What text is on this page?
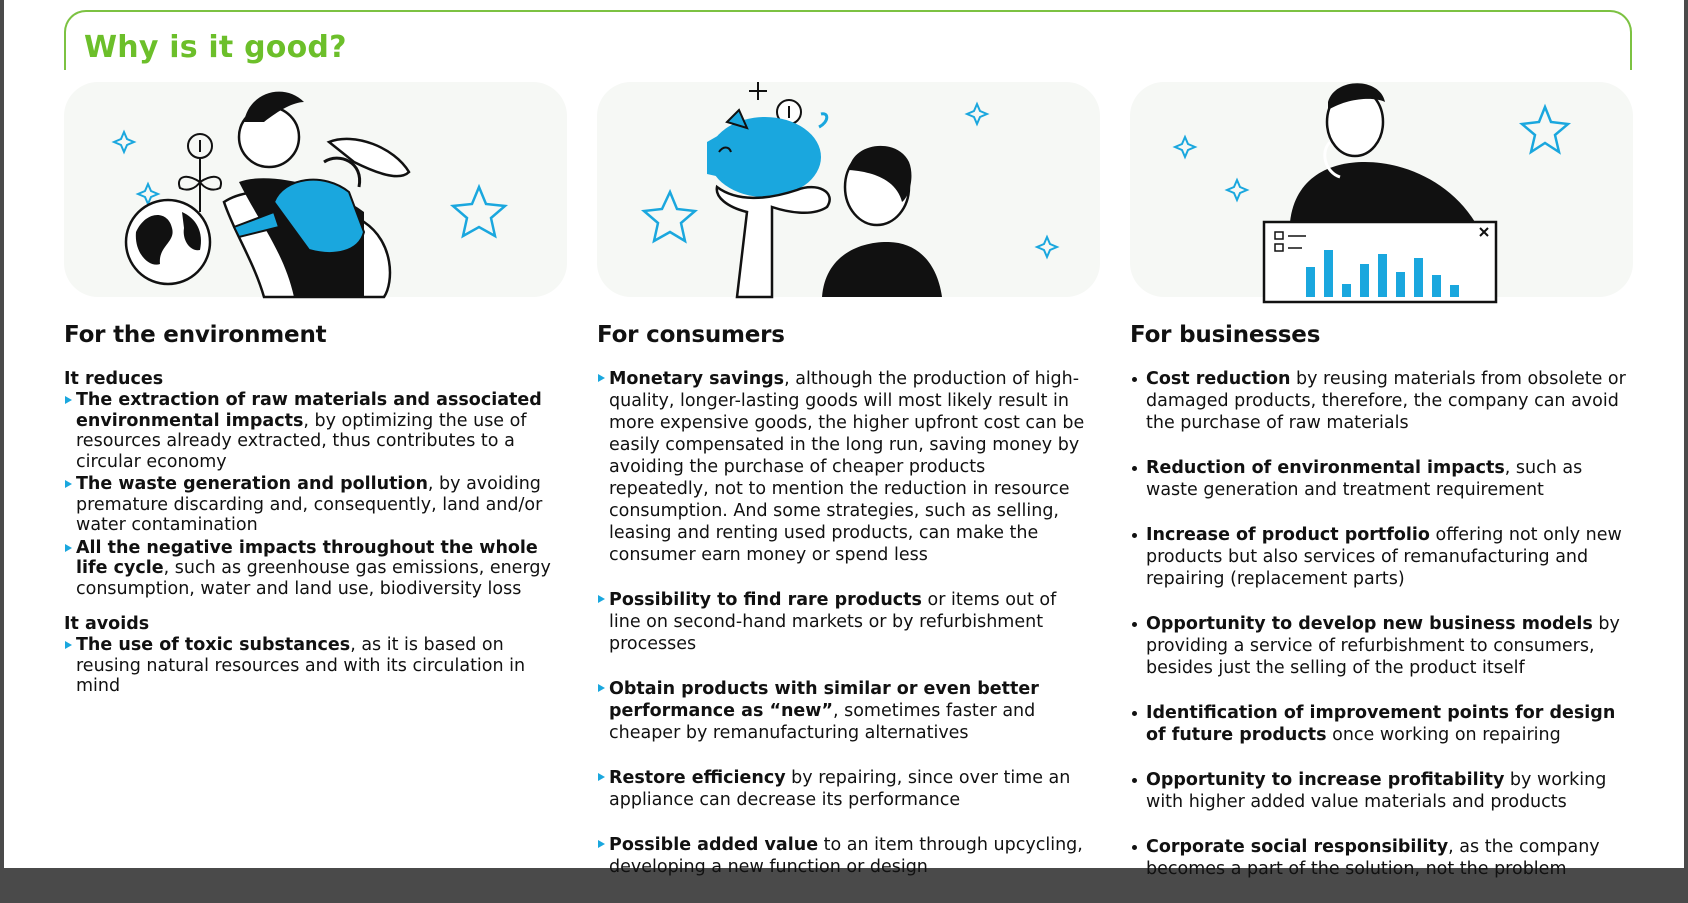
Why is it good?
For the environment
It reduces
The extraction of raw materials and associated environmental impacts, by optimizing the use of resources already extracted, thus contributes to a circular economy
The waste generation and pollution, by avoiding premature discarding and, consequently, land and/or water contamination
All the negative impacts throughout the whole life cycle, such as greenhouse gas emissions, energy consumption, water and land use, biodiversity loss
It avoids
The use of toxic substances, as it is based on reusing natural resources and with its circulation in mind
For consumers
Monetary savings, although the production of high-quality, longer-lasting goods will most likely result in more expensive goods, the higher upfront cost can be easily compensated in the long run, saving money by avoiding the purchase of cheaper products repeatedly, not to mention the reduction in resource consumption. And some strategies, such as selling, leasing and renting used products, can make the consumer earn money or spend less
Possibility to find rare products or items out of line on second-hand markets or by refurbishment processes
Obtain products with similar or even better performance as “new”, sometimes faster and cheaper by remanufacturing alternatives
Restore efficiency by repairing, since over time an appliance can decrease its performance
Possible added value to an item through upcycling, developing a new function or design
For businesses
Cost reduction by reusing materials from obsolete or damaged products, therefore, the company can avoid the purchase of raw materials
Reduction of environmental impacts, such as waste generation and treatment requirement
Increase of product portfolio offering not only new products but also services of remanufacturing and repairing (replacement parts)
Opportunity to develop new business models by providing a service of refurbishment to consumers, besides just the selling of the product itself
Identification of improvement points for design of future products once working on repairing
Opportunity to increase profitability by working with higher added value materials and products
Corporate social responsibility, as the company becomes a part of the solution, not the problem
